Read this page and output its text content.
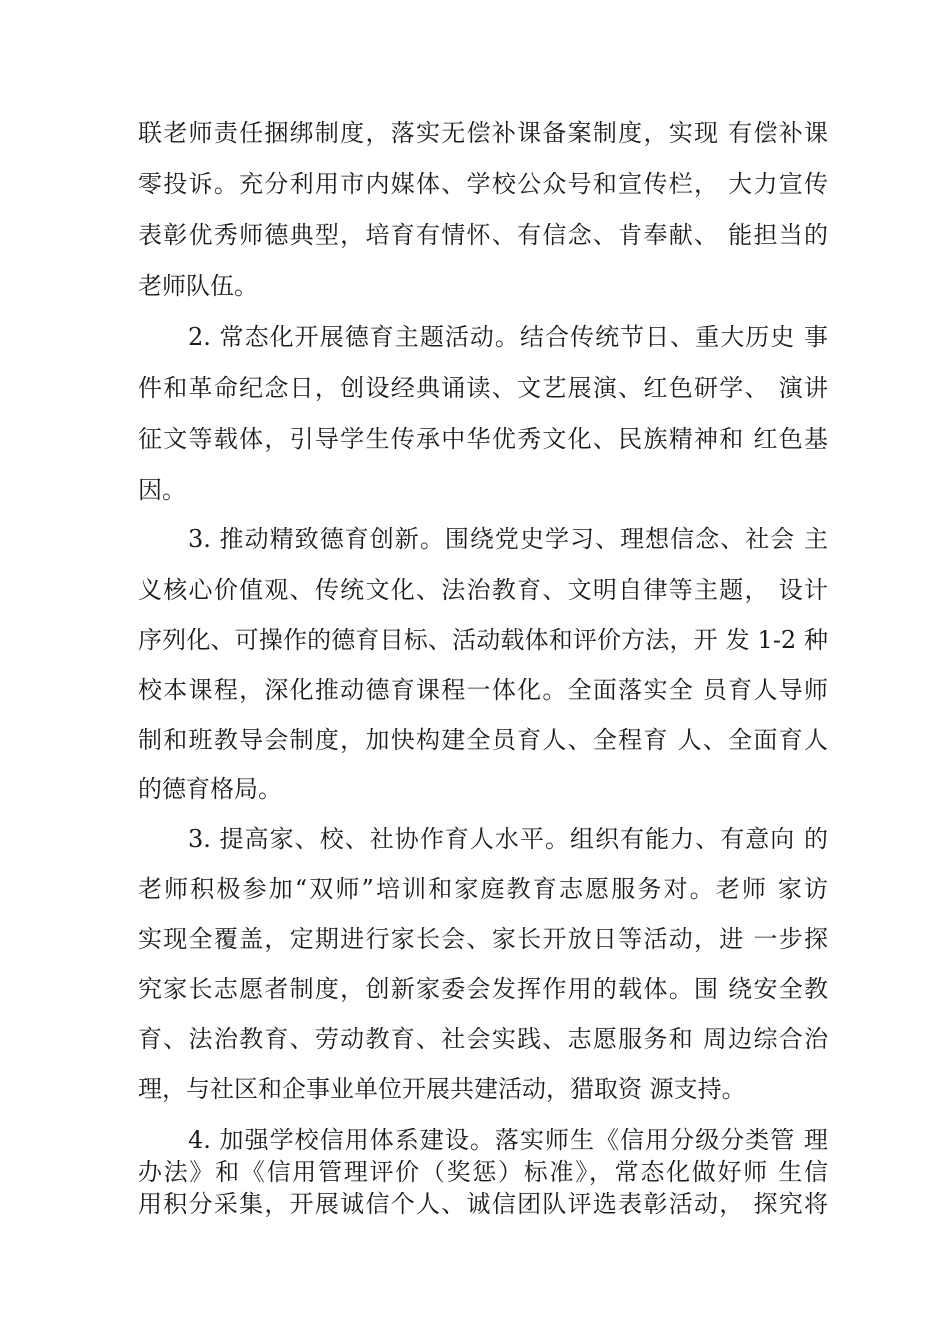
联老师责任捆绑制度，落实无偿补课备案制度，实现 有偿补课
零投诉。充分利用市内媒体、学校公众号和宣传栏， 大力宣传
表彰优秀师德典型，培育有情怀、有信念、肯奉献、 能担当的
老师队伍。
2. 常态化开展德育主题活动。结合传统节日、重大历史 事
件和革命纪念日，创设经典诵读、文艺展演、红色研学、 演讲
征文等载体，引导学生传承中华优秀文化、民族精神和 红色基
因。
3. 推动精致德育创新。围绕党史学习、理想信念、社会 主
义核心价值观、传统文化、法治教育、文明自律等主题， 设计
序列化、可操作的德育目标、活动载体和评价方法，开 发 1-2 种
校本课程，深化推动德育课程一体化。全面落实全 员育人导师
制和班教导会制度，加快构建全员育人、全程育 人、全面育人
的德育格局。
3. 提高家、校、社协作育人水平。组织有能力、有意向 的
老师积极参加“双师”培训和家庭教育志愿服务对。老师 家访
实现全覆盖，定期进行家长会、家长开放日等活动，进 一步探
究家长志愿者制度，创新家委会发挥作用的载体。围 绕安全教
育、法治教育、劳动教育、社会实践、志愿服务和 周边综合治
理，与社区和企事业单位开展共建活动，猎取资 源支持。
4. 加强学校信用体系建设。落实师生《信用分级分类管 理
办法》和《信用管理评价（奖惩）标准》，常态化做好师 生信
用积分采集，开展诚信个人、诚信团队评选表彰活动， 探究将
